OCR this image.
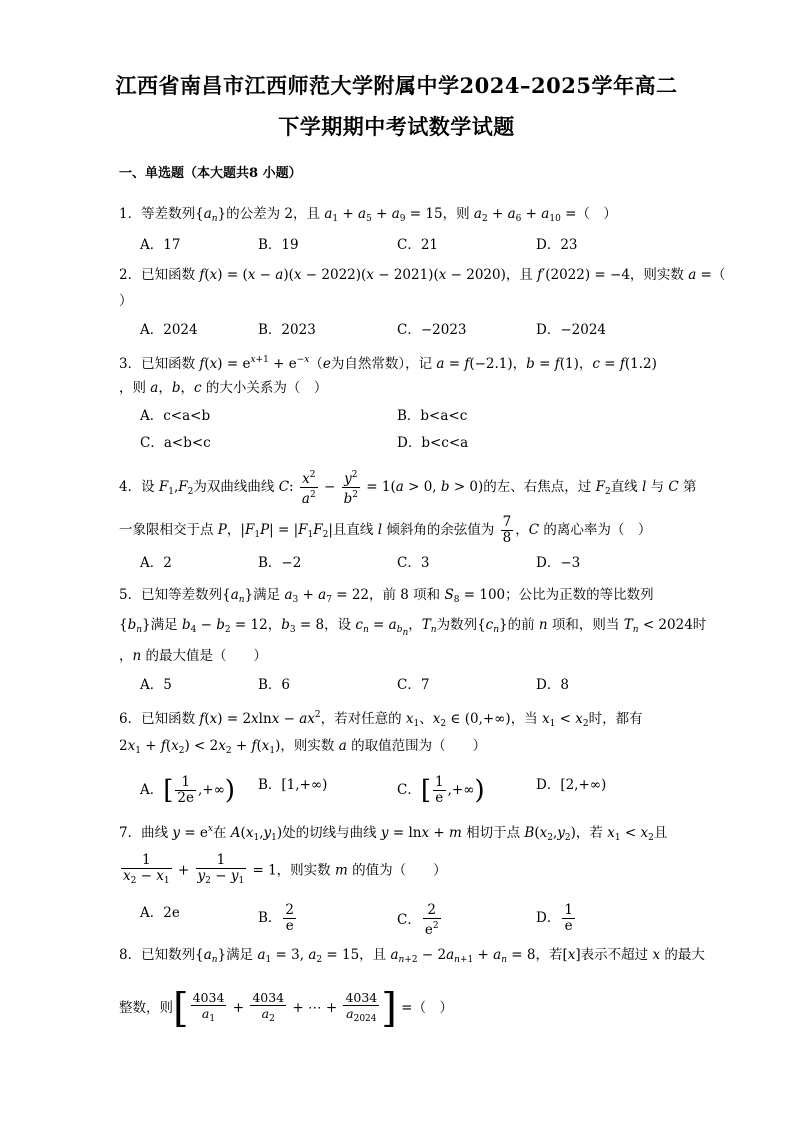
江西省南昌市江西师范大学附属中学2024–2025学年高二
下学期期中考试数学试题
一、单选题（本大题共8 小题）
1．等差数列$\{a_n\}$的公差为 2，且 $a_1 + a_5 + a_9 = 15$，则 $a_2 + a_6 + a_{10}$ =（　）
A．17	B．19	C．21	D．23
2．已知函数 f(x) = (x − a)(x − 2022)(x − 2021)(x − 2020)，且 f′(2022) = −4，则实数 a =（
）
A．2024	B．2023	C．−2023	D．−2024
3．已知函数 $f(x) = e^{x+1} + e^{-x}(e$为自然常数），记 a = f(−2.1)，b = f(1)，c = f(1.2)
，则 a，b，c 的大小关系为（　）
A．c<a<b	B．b<a<c
C．a<b<c	D．b<c<a
4．设 $F_1,F_2$为双曲线曲线 C: $\frac{x^2}{a^2} - \frac{y^2}{b^2} = 1(a > 0$, b > 0)的左、右焦点，过 $F_2$直线 l 与 C 第
一象限相交于点 P，$|F_1P| = |F_1F_2|$且直线 l 倾斜角的余弦值为 $\frac{7}{8}$ ，C 的离心率为（　）
A．2	B．−2	C．3	D．−3
5．已知等差数列$\{a_n\}$满足 $a_3 + a_7 = 22$，前 8 项和 $S_8 = 100$；公比为正数的等比数列
$\{b_n\}$满足 $b_4 - b_2 = 12$，$b_3 = 8$，设 $c_n = a_{b_n}$，$T_n$为数列$\{c_n\}$的前 n 项和，则当 $T_n < 2024$时
，n 的最大值是（　　）
A．5	B．6	C．7	D．8
6．已知函数 $f(x) = 2xlnx - ax^2$，若对任意的 $x_1$、$x_2$ ∈ (0,+∞)，当 $x_1 < x_2$时，都有
$2x_1 + f(x_2) < 2x_2 + f(x_1)$，则实数 a 的取值范围为（　　）
A．[ $\frac{1}{2e}$ ,+∞) B．[1,+∞)	C．[ $\frac{1}{e}$ ,+∞)	D．[2,+∞)
7．曲线 $y = e^x$在 $A(x_1,y_1)$处的切线与曲线 y = lnx + m 相切于点 $B(x_2,y_2)$，若 $x_1 < x_2$且
$\frac{1}{x_2 - x_1} + \frac{1}{y_2 - y_1} = 1$，则实数 m 的值为（　　）
A．2e	B． $\frac{2}{e}$	C． $\frac{2}{e^2}$	D． $\frac{1}{e}$
8．已知数列$\{a_n\}$满足 $a_1 = 3$, $a_2 = 15$，且 $a_{n+2} - 2a_{n+1} + a_n = 8$，若[x]表示不超过 x 的最大
整数，则[ $\frac{4034}{a_1} + \frac{4034}{a_2}$ + ⋯ + $\frac{4034}{a_{2024}}$ ] =（　）
